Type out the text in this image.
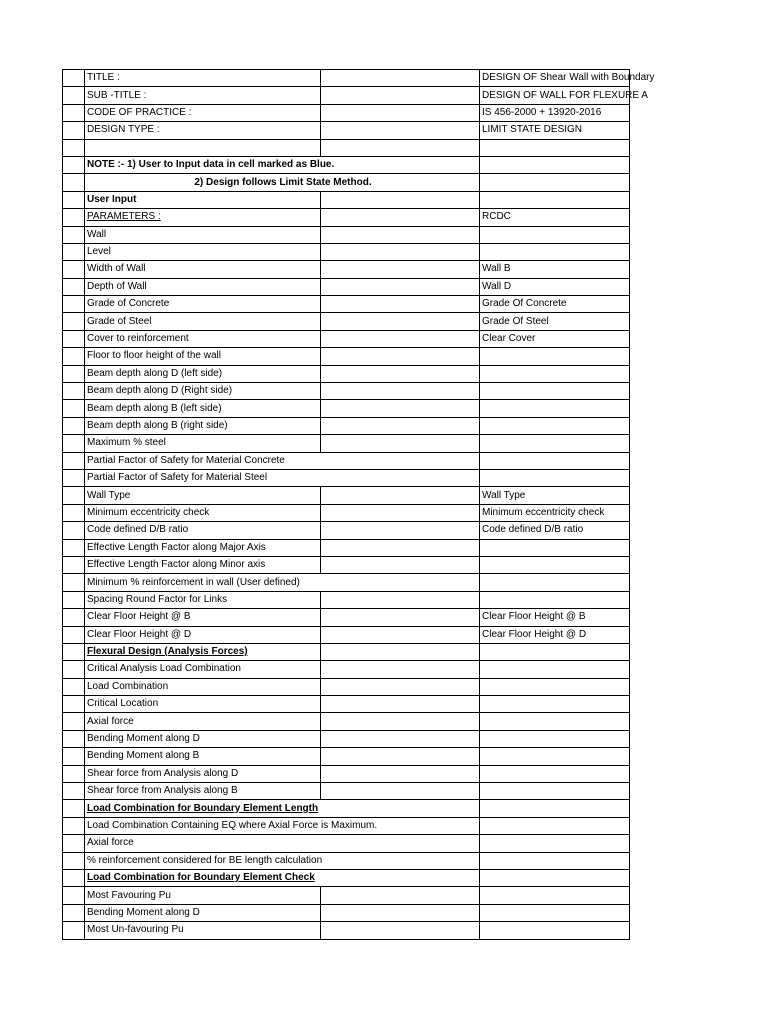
	TITLE :		DESIGN OF Shear Wall with Boundary
	SUB -TITLE :		DESIGN OF WALL FOR FLEXURE A
	CODE OF PRACTICE :		IS 456-2000 + 13920-2016
	DESIGN TYPE :		LIMIT STATE DESIGN

	NOTE :- 1) User to Input data in cell marked as Blue.		
	2) Design follows Limit State Method.		
	User Input		
	PARAMETERS :		RCDC
	Wall		
	Level		
	Width of Wall		Wall B
	Depth of Wall		Wall D
	Grade of Concrete		Grade Of Concrete
	Grade of Steel		Grade Of Steel
	Cover to reinforcement		Clear Cover
	Floor to floor height of the wall		
	Beam depth along D (left side)		
	Beam depth along D (Right side)		
	Beam depth along B (left side)		
	Beam depth along B (right side)		
	Maximum % steel		
	Partial Factor of Safety for Material Concrete		
	Partial Factor of Safety for Material Steel		
	Wall Type		Wall Type
	Minimum eccentricity check		Minimum eccentricity check
	Code defined D/B ratio		Code defined D/B ratio
	Effective Length Factor along Major Axis		
	Effective Length Factor along Minor axis		
	Minimum % reinforcement in wall (User defined)		
	Spacing Round Factor for Links		
	Clear Floor Height @ B		Clear Floor Height @ B
	Clear Floor Height @ D		Clear Floor Height @ D
	Flexural Design (Analysis Forces)		
	Critical Analysis Load Combination		
	Load Combination		
	Critical Location		
	Axial force		
	Bending Moment along D		
	Bending Moment along B		
	Shear force from Analysis along D		
	Shear force from Analysis along B		
	Load Combination for Boundary Element Length		
	Load Combination Containing EQ where Axial Force is Maximum.		
	Axial force		
	% reinforcement considered for BE length calculation		
	Load Combination for Boundary Element Check		
	Most Favouring Pu		
	Bending Moment along D		
	Most Un-favouring Pu		
